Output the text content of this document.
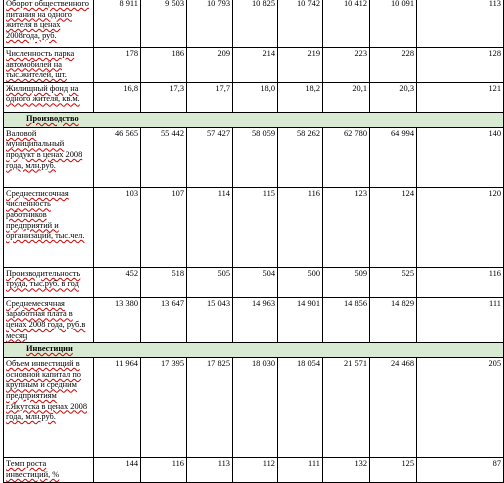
Оборот общественного питания на одного жителя в ценах 2008года, руб.	8 911	9 503	10 793	10 825	10 742	10 412	10 091	113
Численность парка автомобилей на тыс.жителей, шт.	178	186	209	214	219	223	228	128
Жилищный фонд на одного жителя, кв.м.	16,8	17,3	17,7	18,0	18,2	20,1	20,3	121
Производство								
Валовой муниципальный продукт в ценах 2008 года, млн.руб.	46 565	55 442	57 427	58 059	58 262	62 780	64 994	140
Среднесписочная численность работников предприятий и организаций, тыс.чел.	103	107	114	115	116	123	124	120
Производительность труда, тыс.руб. в год	452	518	505	504	500	509	525	116
Среднемесячная заработная плата в ценах 2008 года, руб.в месяц	13 380	13 647	15 043	14 963	14 901	14 856	14 829	111
Инвестиции								
Объем инвестиций в основной капитал по крупным и средним предприятиям г.Якутска в ценах 2008 года, млн.руб.	11 964	17 395	17 825	18 030	18 054	21 571	24 468	205
Темп роста инвестиций, %	144	116	113	112	111	132	125	87
